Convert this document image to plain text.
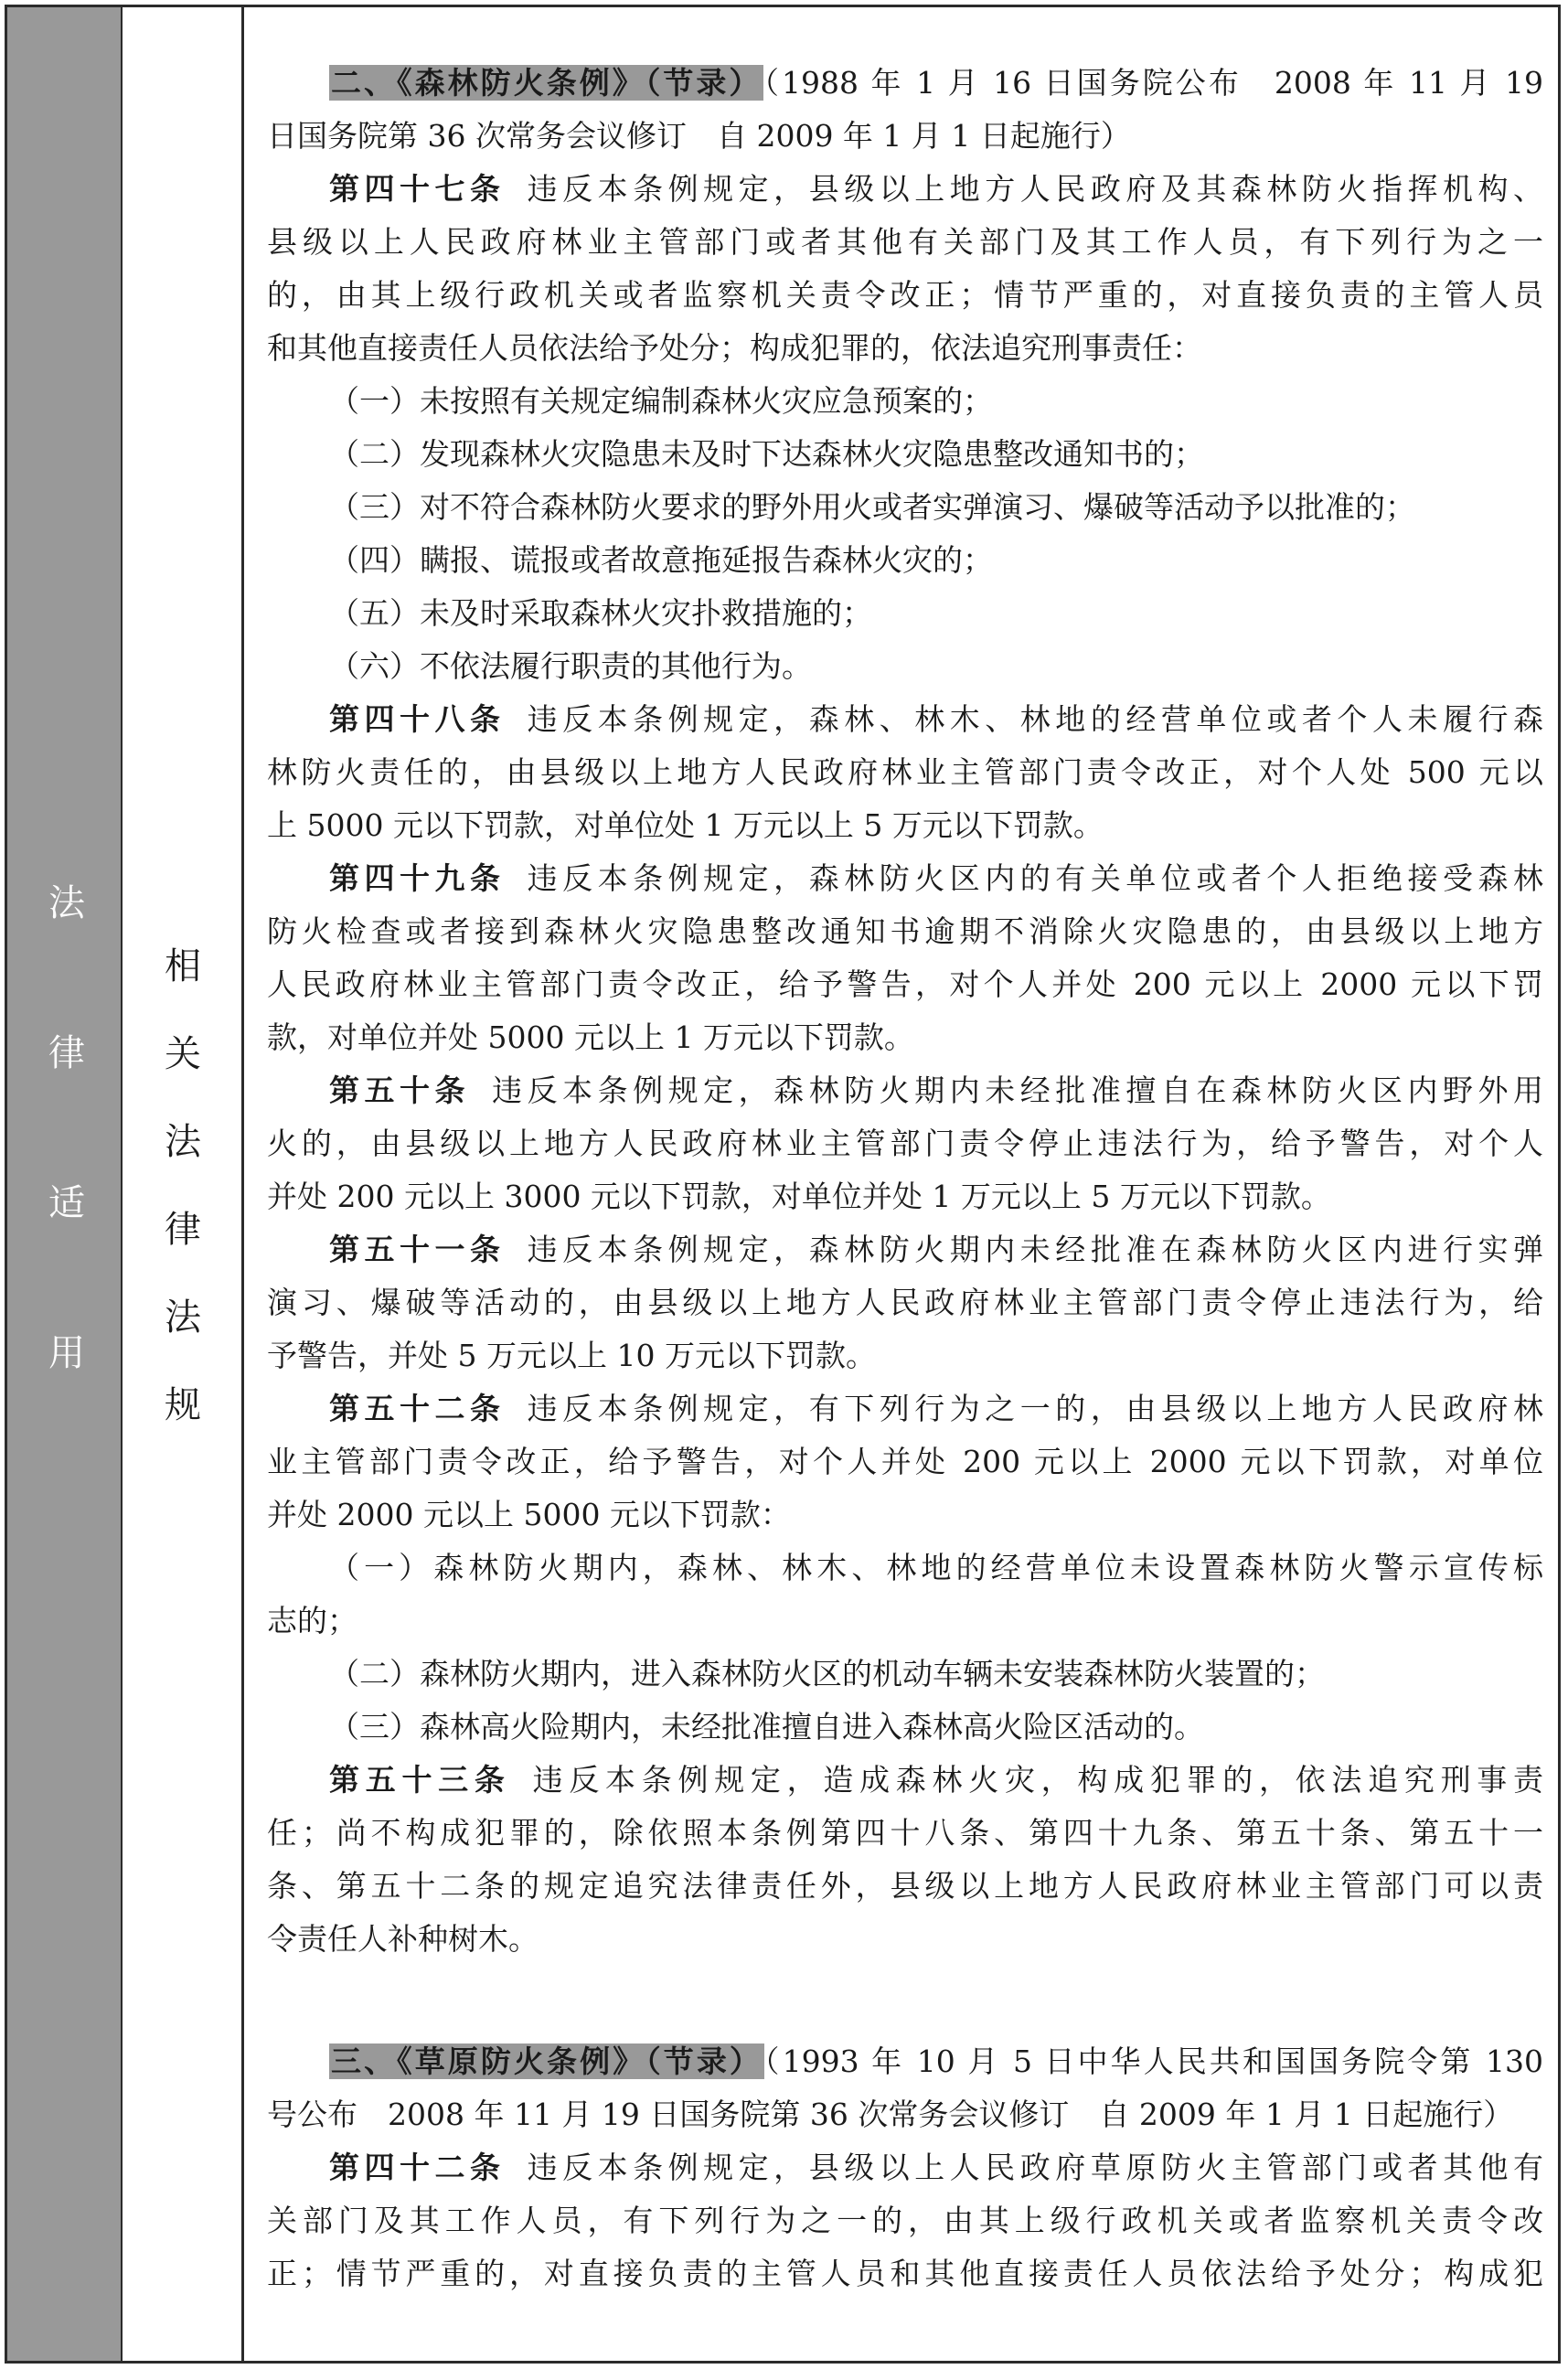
法
律
适
用
相
关
法
律
法
规
二、《森林防火条例》（节录）（1988 年 1 月 16 日国务院公布　2008 年 11 月 19
日国务院第 36 次常务会议修订　自 2009 年 1 月 1 日起施行）
第四十七条 违反本条例规定，县级以上地方人民政府及其森林防火指挥机构、
县级以上人民政府林业主管部门或者其他有关部门及其工作人员，有下列行为之一
的，由其上级行政机关或者监察机关责令改正；情节严重的，对直接负责的主管人员
和其他直接责任人员依法给予处分；构成犯罪的，依法追究刑事责任：
（一）未按照有关规定编制森林火灾应急预案的；
（二）发现森林火灾隐患未及时下达森林火灾隐患整改通知书的；
（三）对不符合森林防火要求的野外用火或者实弹演习、爆破等活动予以批准的；
（四）瞒报、谎报或者故意拖延报告森林火灾的；
（五）未及时采取森林火灾扑救措施的；
（六）不依法履行职责的其他行为。
第四十八条 违反本条例规定，森林、林木、林地的经营单位或者个人未履行森
林防火责任的，由县级以上地方人民政府林业主管部门责令改正，对个人处 500 元以
上 5000 元以下罚款，对单位处 1 万元以上 5 万元以下罚款。
第四十九条 违反本条例规定，森林防火区内的有关单位或者个人拒绝接受森林
防火检查或者接到森林火灾隐患整改通知书逾期不消除火灾隐患的，由县级以上地方
人民政府林业主管部门责令改正，给予警告，对个人并处 200 元以上 2000 元以下罚
款，对单位并处 5000 元以上 1 万元以下罚款。
第五十条 违反本条例规定，森林防火期内未经批准擅自在森林防火区内野外用
火的，由县级以上地方人民政府林业主管部门责令停止违法行为，给予警告，对个人
并处 200 元以上 3000 元以下罚款，对单位并处 1 万元以上 5 万元以下罚款。
第五十一条 违反本条例规定，森林防火期内未经批准在森林防火区内进行实弹
演习、爆破等活动的，由县级以上地方人民政府林业主管部门责令停止违法行为，给
予警告，并处 5 万元以上 10 万元以下罚款。
第五十二条 违反本条例规定，有下列行为之一的，由县级以上地方人民政府林
业主管部门责令改正，给予警告，对个人并处 200 元以上 2000 元以下罚款，对单位
并处 2000 元以上 5000 元以下罚款：
（一）森林防火期内，森林、林木、林地的经营单位未设置森林防火警示宣传标
志的；
（二）森林防火期内，进入森林防火区的机动车辆未安装森林防火装置的；
（三）森林高火险期内，未经批准擅自进入森林高火险区活动的。
第五十三条 违反本条例规定，造成森林火灾，构成犯罪的，依法追究刑事责
任；尚不构成犯罪的，除依照本条例第四十八条、第四十九条、第五十条、第五十一
条、第五十二条的规定追究法律责任外，县级以上地方人民政府林业主管部门可以责
令责任人补种树木。
三、《草原防火条例》（节录）（1993 年 10 月 5 日中华人民共和国国务院令第 130
号公布　2008 年 11 月 19 日国务院第 36 次常务会议修订　自 2009 年 1 月 1 日起施行）
第四十二条 违反本条例规定，县级以上人民政府草原防火主管部门或者其他有
关部门及其工作人员，有下列行为之一的，由其上级行政机关或者监察机关责令改
正；情节严重的，对直接负责的主管人员和其他直接责任人员依法给予处分；构成犯
